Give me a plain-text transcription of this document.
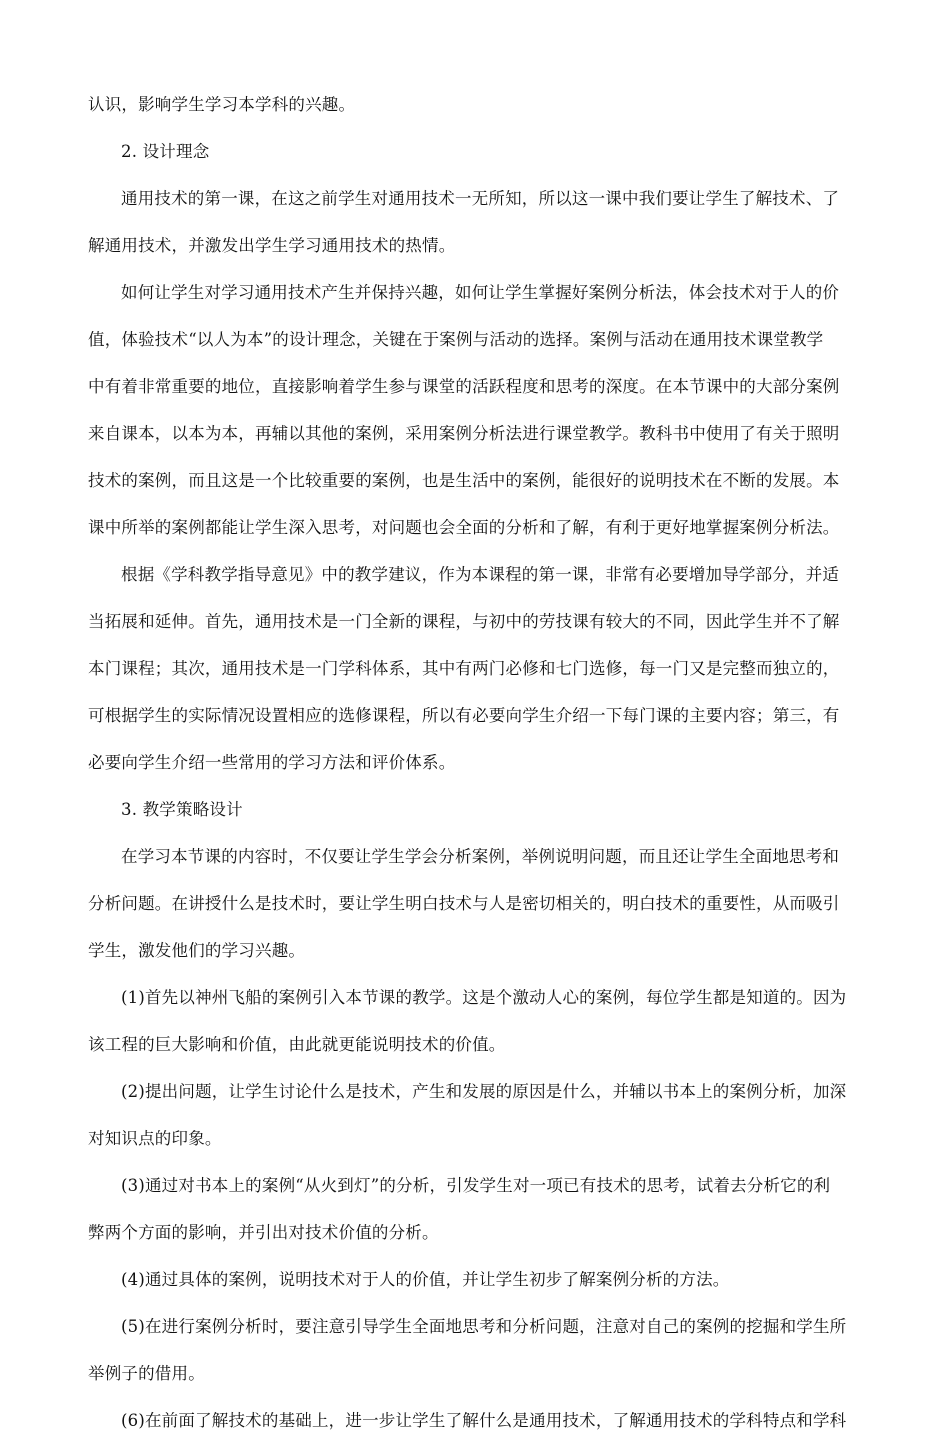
认识，影响学生学习本学科的兴趣。

2. 设计理念

通用技术的第一课，在这之前学生对通用技术一无所知，所以这一课中我们要让学生了解技术、了
解通用技术，并激发出学生学习通用技术的热情。
如何让学生对学习通用技术产生并保持兴趣，如何让学生掌握好案例分析法，体会技术对于人的价
值，体验技术“以人为本”的设计理念，关键在于案例与活动的选择。案例与活动在通用技术课堂教学
中有着非常重要的地位，直接影响着学生参与课堂的活跃程度和思考的深度。在本节课中的大部分案例
来自课本，以本为本，再辅以其他的案例，采用案例分析法进行课堂教学。教科书中使用了有关于照明
技术的案例，而且这是一个比较重要的案例，也是生活中的案例，能很好的说明技术在不断的发展。本
课中所举的案例都能让学生深入思考，对问题也会全面的分析和了解，有利于更好地掌握案例分析法。
根据《学科教学指导意见》中的教学建议，作为本课程的第一课，非常有必要增加导学部分，并适
当拓展和延伸。首先，通用技术是一门全新的课程，与初中的劳技课有较大的不同，因此学生并不了解
本门课程；其次，通用技术是一门学科体系，其中有两门必修和七门选修，每一门又是完整而独立的，
可根据学生的实际情况设置相应的选修课程，所以有必要向学生介绍一下每门课的主要内容；第三，有
必要向学生介绍一些常用的学习方法和评价体系。

3. 教学策略设计

在学习本节课的内容时，不仅要让学生学会分析案例，举例说明问题，而且还让学生全面地思考和
分析问题。在讲授什么是技术时，要让学生明白技术与人是密切相关的，明白技术的重要性，从而吸引
学生，激发他们的学习兴趣。
(1)首先以神州飞船的案例引入本节课的教学。这是个激动人心的案例，每位学生都是知道的。因为
该工程的巨大影响和价值，由此就更能说明技术的价值。
(2)提出问题，让学生讨论什么是技术，产生和发展的原因是什么，并辅以书本上的案例分析，加深
对知识点的印象。
(3)通过对书本上的案例“从火到灯”的分析，引发学生对一项已有技术的思考，试着去分析它的利
弊两个方面的影响，并引出对技术价值的分析。
(4)通过具体的案例，说明技术对于人的价值，并让学生初步了解案例分析的方法。
(5)在进行案例分析时，要注意引导学生全面地思考和分析问题，注意对自己的案例的挖掘和学生所
举例子的借用。
(6)在前面了解技术的基础上，进一步让学生了解什么是通用技术，了解通用技术的学科特点和学科
